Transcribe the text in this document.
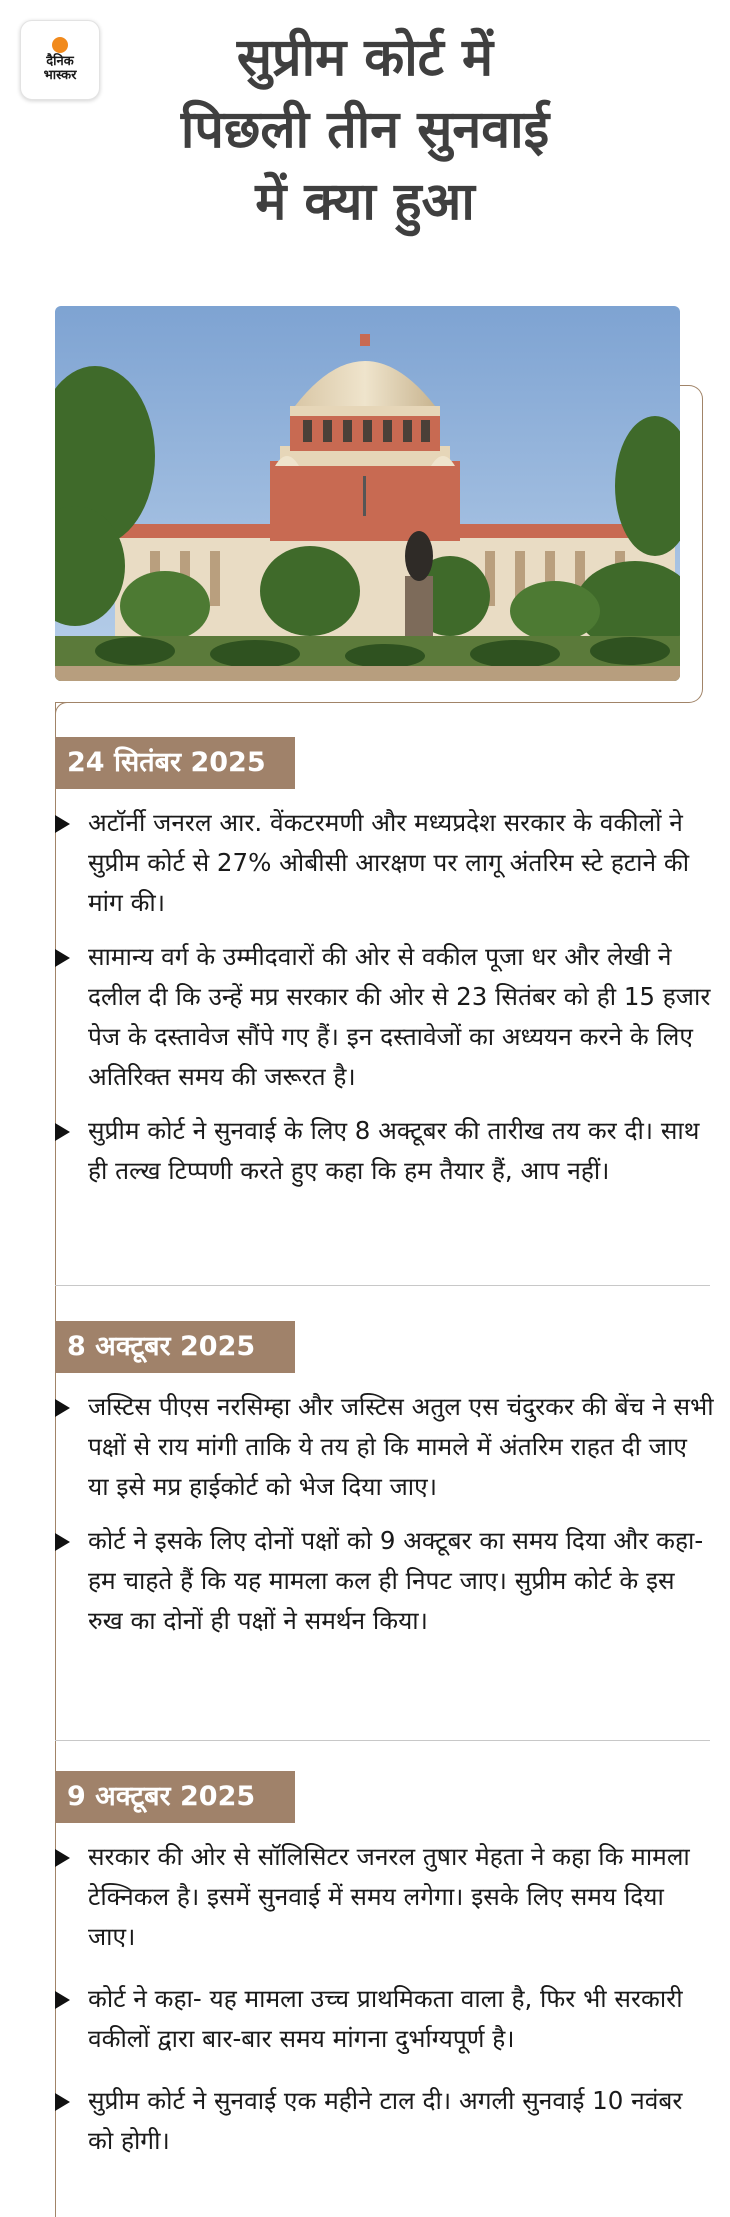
दैनिक
भास्कर	सुप्रीम कोर्ट में
पिछली तीन सुनवाई
में क्या हुआ
24 सितंबर 2025
अटॉर्नी जनरल आर. वेंकटरमणी और मध्यप्रदेश सरकार के वकीलों ने सुप्रीम कोर्ट से 27% ओबीसी आरक्षण पर लागू अंतरिम स्टे हटाने की मांग की।
सामान्य वर्ग के उम्मीदवारों की ओर से वकील पूजा धर और लेखी ने दलील दी कि उन्हें मप्र सरकार की ओर से 23 सितंबर को ही 15 हजार पेज के दस्तावेज सौंपे गए हैं। इन दस्तावेजों का अध्ययन करने के लिए अतिरिक्त समय की जरूरत है।
सुप्रीम कोर्ट ने सुनवाई के लिए 8 अक्टूबर की तारीख तय कर दी। साथ ही तल्ख टिप्पणी करते हुए कहा कि हम तैयार हैं, आप नहीं।
8 अक्टूबर 2025
जस्टिस पीएस नरसिम्हा और जस्टिस अतुल एस चंदुरकर की बेंच ने सभी पक्षों से राय मांगी ताकि ये तय हो कि मामले में अंतरिम राहत दी जाए या इसे मप्र हाईकोर्ट को भेज दिया जाए।
कोर्ट ने इसके लिए दोनों पक्षों को 9 अक्टूबर का समय दिया और कहा- हम चाहते हैं कि यह मामला कल ही निपट जाए। सुप्रीम कोर्ट के इस रुख का दोनों ही पक्षों ने समर्थन किया।
9 अक्टूबर 2025
सरकार की ओर से सॉलिसिटर जनरल तुषार मेहता ने कहा कि मामला टेक्निकल है। इसमें सुनवाई में समय लगेगा। इसके लिए समय दिया जाए।
कोर्ट ने कहा- यह मामला उच्च प्राथमिकता वाला है, फिर भी सरकारी वकीलों द्वारा बार-बार समय मांगना दुर्भाग्यपूर्ण है।
सुप्रीम कोर्ट ने सुनवाई एक महीने टाल दी। अगली सुनवाई 10 नवंबर को होगी।
